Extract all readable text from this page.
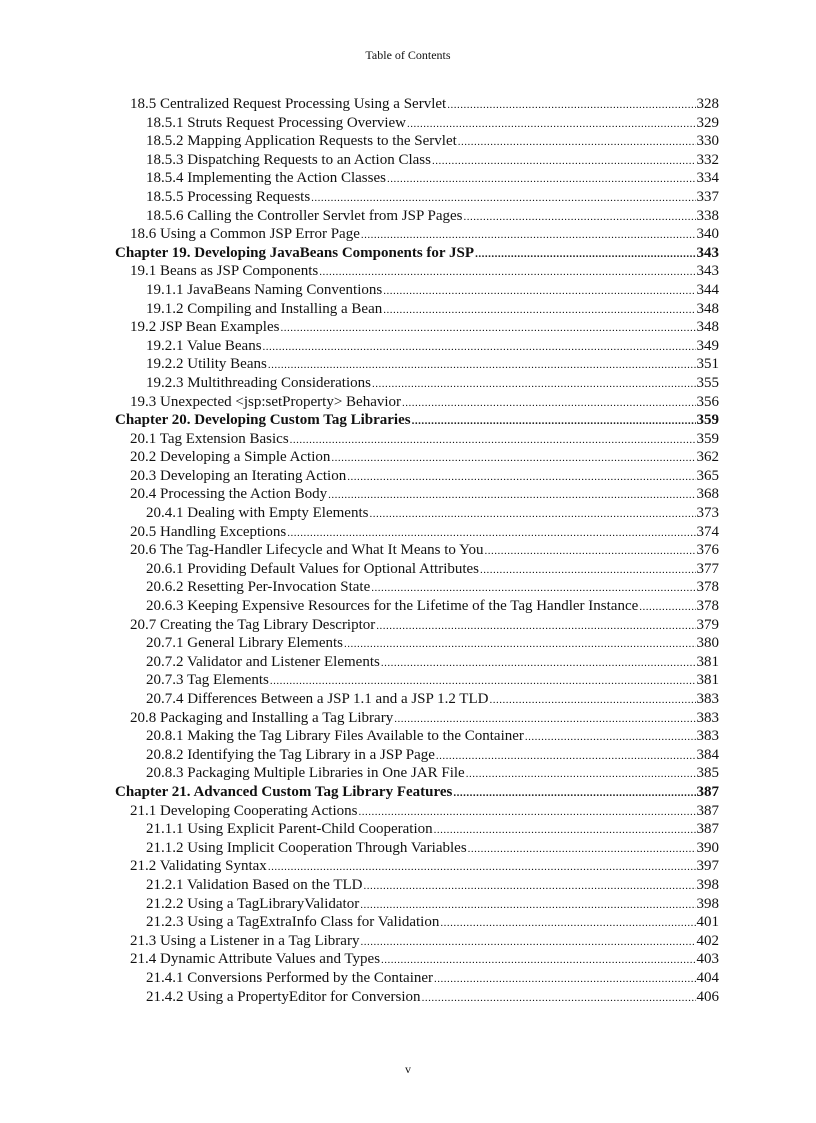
Table of Contents
18.5 Centralized Request Processing Using a Servlet .....	328
18.5.1 Struts Request Processing Overview .....	329
18.5.2 Mapping Application Requests to the Servlet .....	330
18.5.3 Dispatching Requests to an Action Class .....	332
18.5.4 Implementing the Action Classes .....	334
18.5.5 Processing Requests .....	337
18.5.6 Calling the Controller Servlet from JSP Pages .....	338
18.6 Using a Common JSP Error Page .....	340
Chapter 19. Developing JavaBeans Components for JSP .....	343
19.1 Beans as JSP Components .....	343
19.1.1 JavaBeans Naming Conventions .....	344
19.1.2 Compiling and Installing a Bean .....	348
19.2 JSP Bean Examples .....	348
19.2.1 Value Beans .....	349
19.2.2 Utility Beans .....	351
19.2.3 Multithreading Considerations .....	355
19.3 Unexpected <jsp:setProperty> Behavior .....	356
Chapter 20. Developing Custom Tag Libraries .....	359
20.1 Tag Extension Basics .....	359
20.2 Developing a Simple Action .....	362
20.3 Developing an Iterating Action .....	365
20.4 Processing the Action Body .....	368
20.4.1 Dealing with Empty Elements .....	373
20.5 Handling Exceptions .....	374
20.6 The Tag-Handler Lifecycle and What It Means to You .....	376
20.6.1 Providing Default Values for Optional Attributes .....	377
20.6.2 Resetting Per-Invocation State .....	378
20.6.3 Keeping Expensive Resources for the Lifetime of the Tag Handler Instance .....	378
20.7 Creating the Tag Library Descriptor .....	379
20.7.1 General Library Elements .....	380
20.7.2 Validator and Listener Elements .....	381
20.7.3 Tag Elements .....	381
20.7.4 Differences Between a JSP 1.1 and a JSP 1.2 TLD .....	383
20.8 Packaging and Installing a Tag Library .....	383
20.8.1 Making the Tag Library Files Available to the Container .....	383
20.8.2 Identifying the Tag Library in a JSP Page .....	384
20.8.3 Packaging Multiple Libraries in One JAR File .....	385
Chapter 21. Advanced Custom Tag Library Features .....	387
21.1 Developing Cooperating Actions .....	387
21.1.1 Using Explicit Parent-Child Cooperation .....	387
21.1.2 Using Implicit Cooperation Through Variables .....	390
21.2 Validating Syntax .....	397
21.2.1 Validation Based on the TLD .....	398
21.2.2 Using a TagLibraryValidator .....	398
21.2.3 Using a TagExtraInfo Class for Validation .....	401
21.3 Using a Listener in a Tag Library .....	402
21.4 Dynamic Attribute Values and Types .....	403
21.4.1 Conversions Performed by the Container .....	404
21.4.2 Using a PropertyEditor for Conversion .....	406
v
